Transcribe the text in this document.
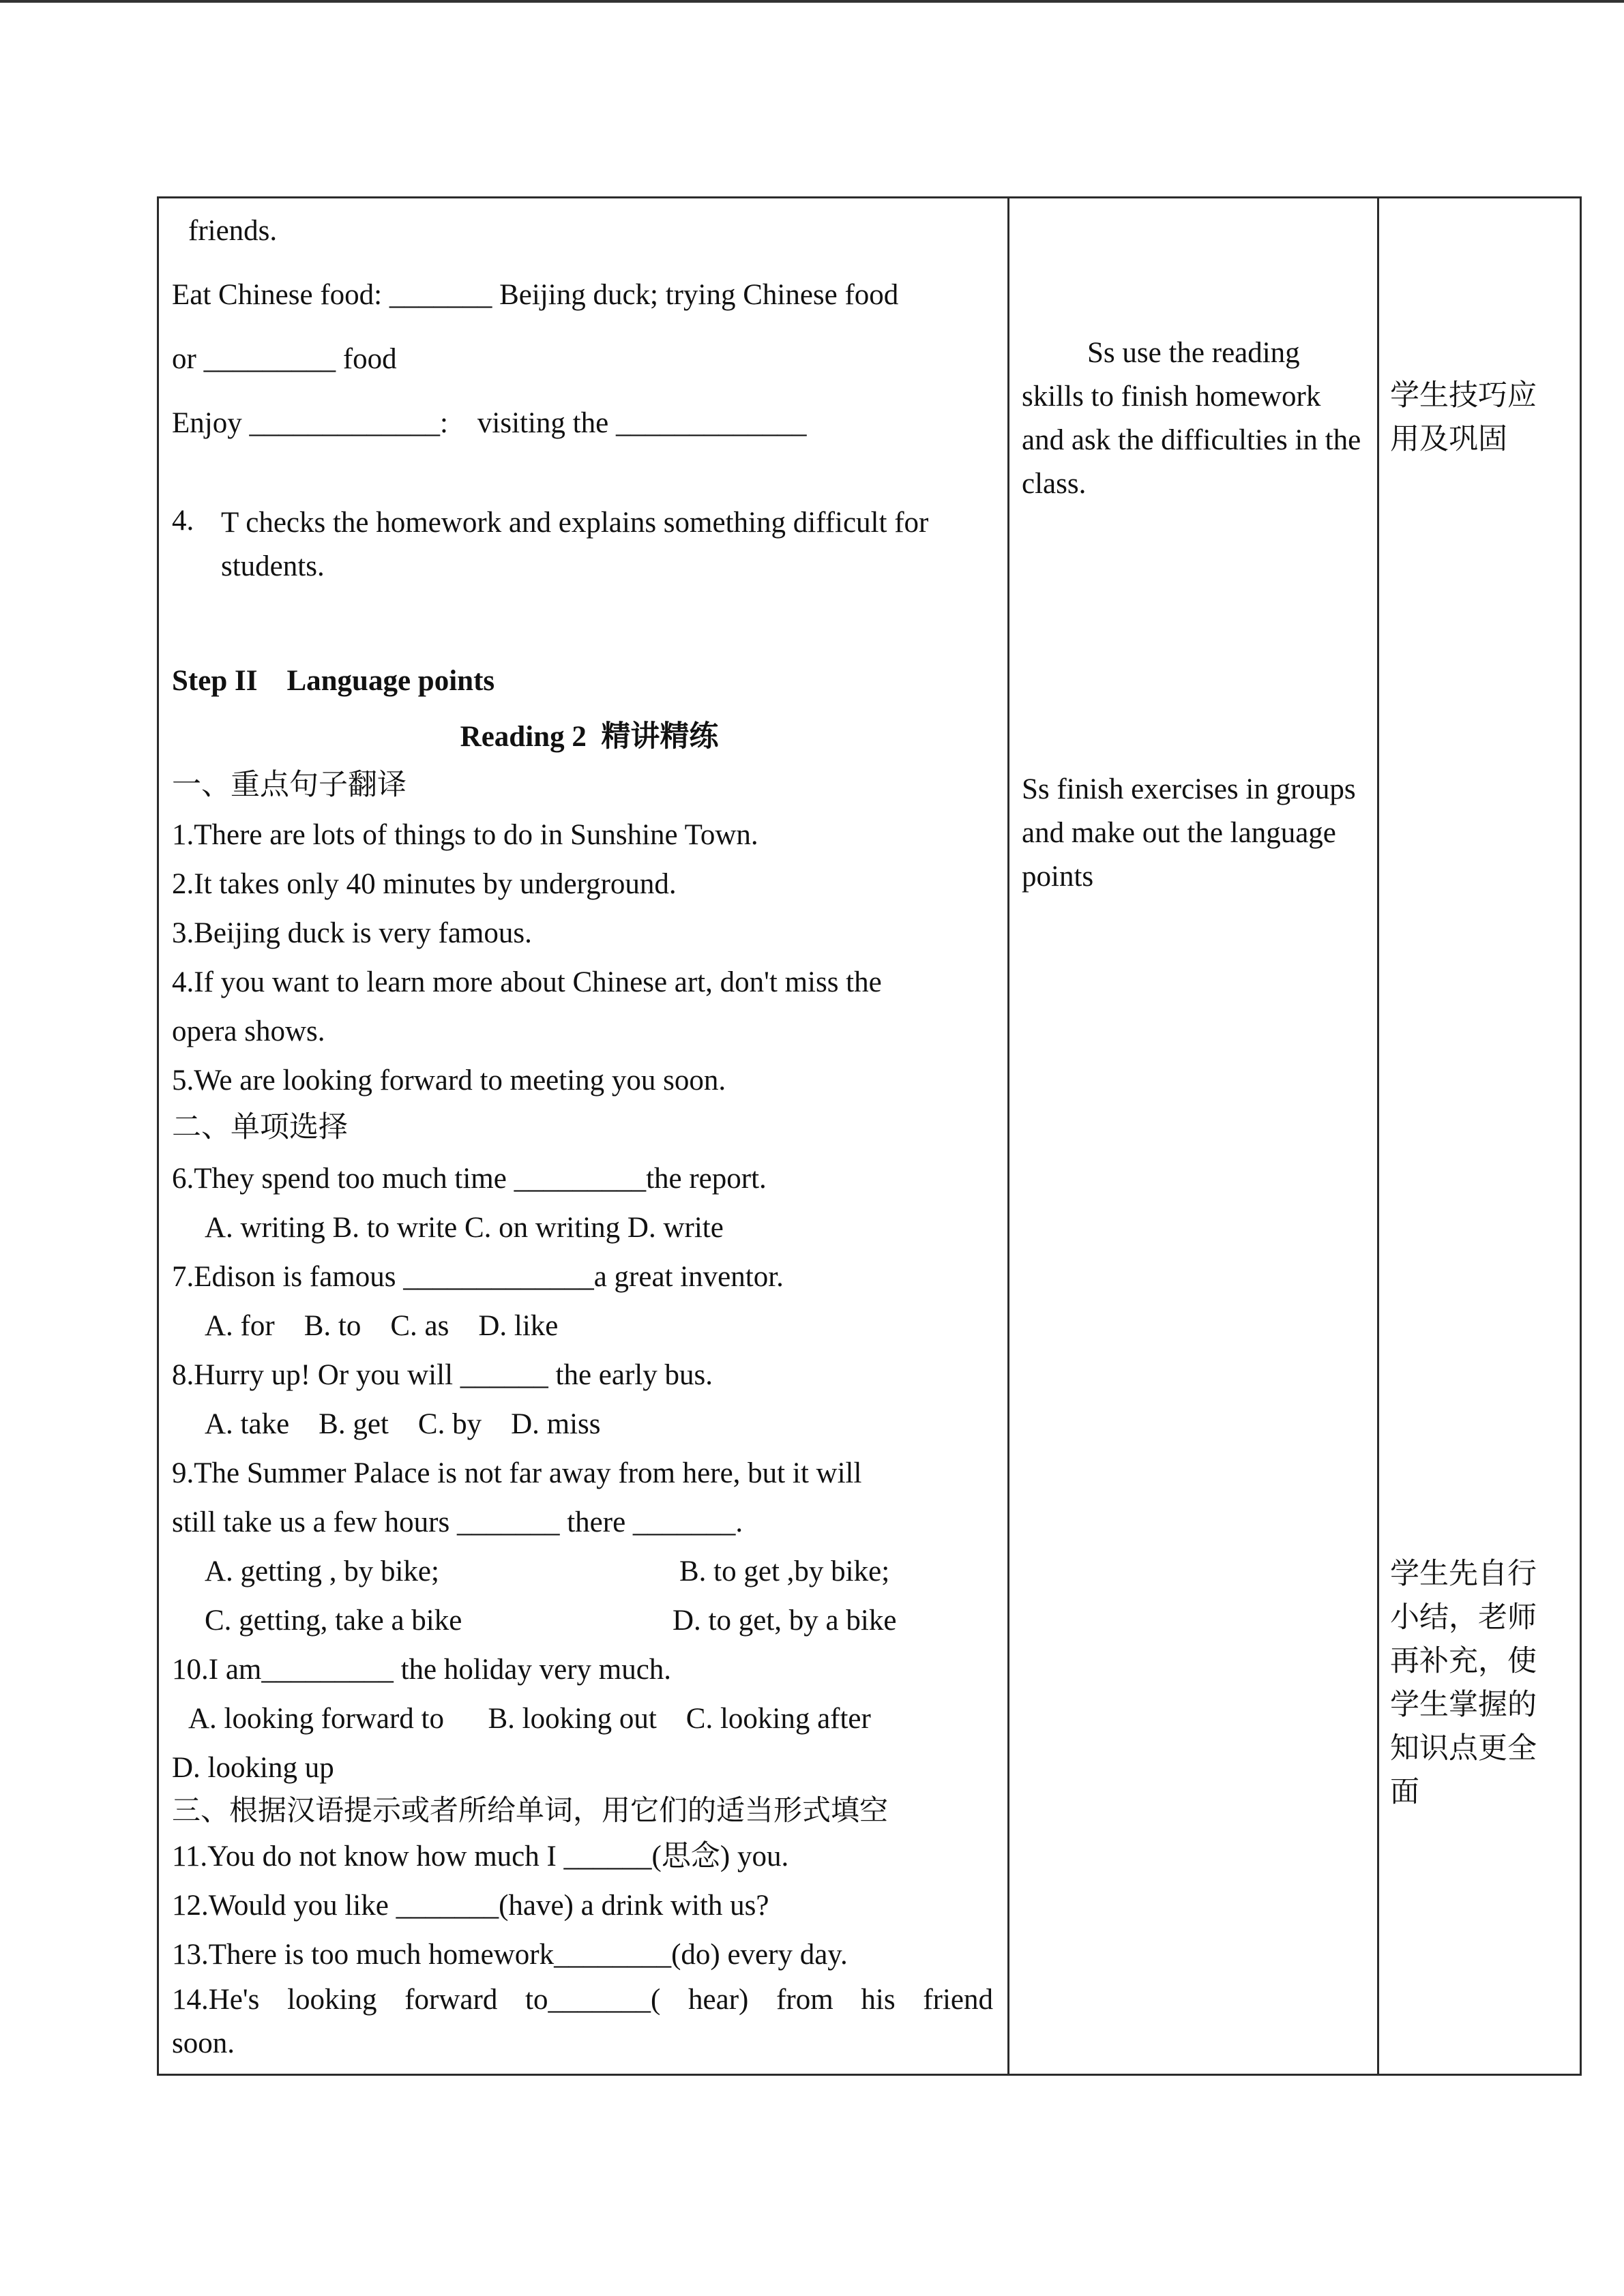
friends.
Eat Chinese food: _______ Beijing duck; trying Chinese food
or _________ food
Enjoy _____________:    visiting the _____________
4. T checks the homework and explains something difficult for students.
Step II    Language points
Reading 2  精讲精练
一、重点句子翻译
1.There are lots of things to do in Sunshine Town.
2.It takes only 40 minutes by underground.
3.Beijing duck is very famous.
4.If you want to learn more about Chinese art, don't miss the
opera shows.
5.We are looking forward to meeting you soon.
二、单项选择
6.They spend too much time _________the report.
A. writing B. to write C. on writing D. write
7.Edison is famous _____________a great inventor.
A. for    B. to    C. as    D. like
8.Hurry up! Or you will ______ the early bus.
A. take    B. get    C. by    D. miss
9.The Summer Palace is not far away from here, but it will
still take us a few hours _______ there _______.
A. getting , by bike;	B. to get ,by bike;
C. getting, take a bike	D. to get, by a bike
10.I am_________ the holiday very much.
A. looking forward to      B. looking out    C. looking after
D. looking up
三、根据汉语提示或者所给单词，用它们的适当形式填空
11.You do not know how much I ______(思念) you.
12.Would you like _______(have) a drink with us?
13.There is too much homework________(do) every day.
14.He's looking forward to_______( hear) from his friend
soon.
Ss use the reading skills to finish homework and ask the difficulties in the class.
Ss finish exercises in groups and make out the language points
学生技巧应用及巩固
学生先自行小结，老师再补充，使学生掌握的知识点更全面
